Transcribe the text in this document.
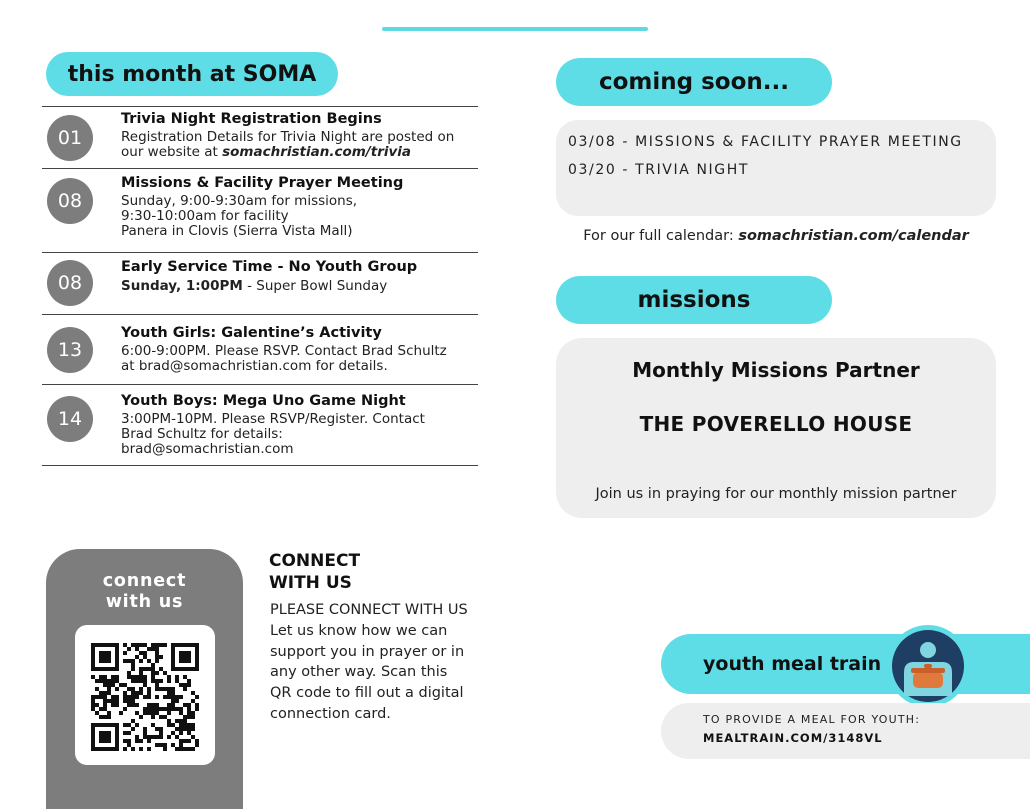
this month at SOMA
01
Trivia Night Registration Begins
Registration Details for Trivia Night are posted on
our website at somachristian.com/trivia
08
Missions & Facility Prayer Meeting
Sunday, 9:00-9:30am for missions,
9:30-10:00am for facility
Panera in Clovis (Sierra Vista Mall)
08
Early Service Time - No Youth Group
Sunday, 1:00PM - Super Bowl Sunday
13
Youth Girls: Galentine’s Activity
6:00-9:00PM. Please RSVP. Contact Brad Schultz
at brad@somachristian.com for details.
14
Youth Boys: Mega Uno Game Night
3:00PM-10PM. Please RSVP/Register. Contact
Brad Schultz for details:
brad@somachristian.com
coming soon...
03/08 - MISSIONS & FACILITY PRAYER MEETING
03/20 - TRIVIA NIGHT
For our full calendar: somachristian.com/calendar
missions
Monthly Missions Partner
THE POVERELLO HOUSE
Join us in praying for our monthly mission partner
connect
with us
CONNECT
WITH US
PLEASE CONNECT WITH US
Let us know how we can
support you in prayer or in
any other way. Scan this
QR code to fill out a digital
connection card.
youth meal train
TO PROVIDE A MEAL FOR YOUTH:
MEALTRAIN.COM/3148VL
